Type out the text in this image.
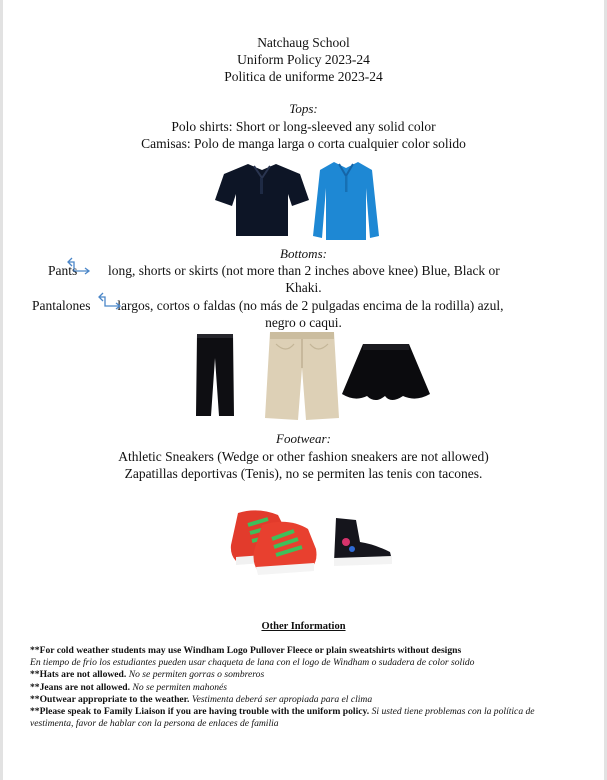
Natchaug School
Uniform Policy 2023-24
Politica de uniforme 2023-24
Tops:
Polo shirts: Short or long-sleeved any solid color
Camisas: Polo de manga larga o corta cualquier color solido
Bottoms:
Pants long, shorts or skirts (not more than 2 inches above knee) Blue, Black or
Khaki.
Pantalones largos, cortos o faldas (no más de 2 pulgadas encima de la rodilla) azul,
negro o caqui.
Footwear:
Athletic Sneakers (Wedge or other fashion sneakers are not allowed)
Zapatillas deportivas (Tenis), no se permiten las tenis con tacones.
Other Information

**For cold weather students may use Windham Logo Pullover Fleece or plain sweatshirts without designs
En tiempo de frio los estudiantes pueden usar chaqueta de lana con el logo de Windham o sudadera de color solido

**Hats are not allowed. No se permiten gorras o sombreros

**Jeans are not allowed. No se permiten mahonés

**Outwear appropriate to the weather. Vestimenta deberá ser apropiada para el clima

**Please speak to Family Liaison if you are having trouble with the uniform policy. Si usted tiene problemas con la política de vestimenta, favor de hablar con la persona de enlaces de familia
